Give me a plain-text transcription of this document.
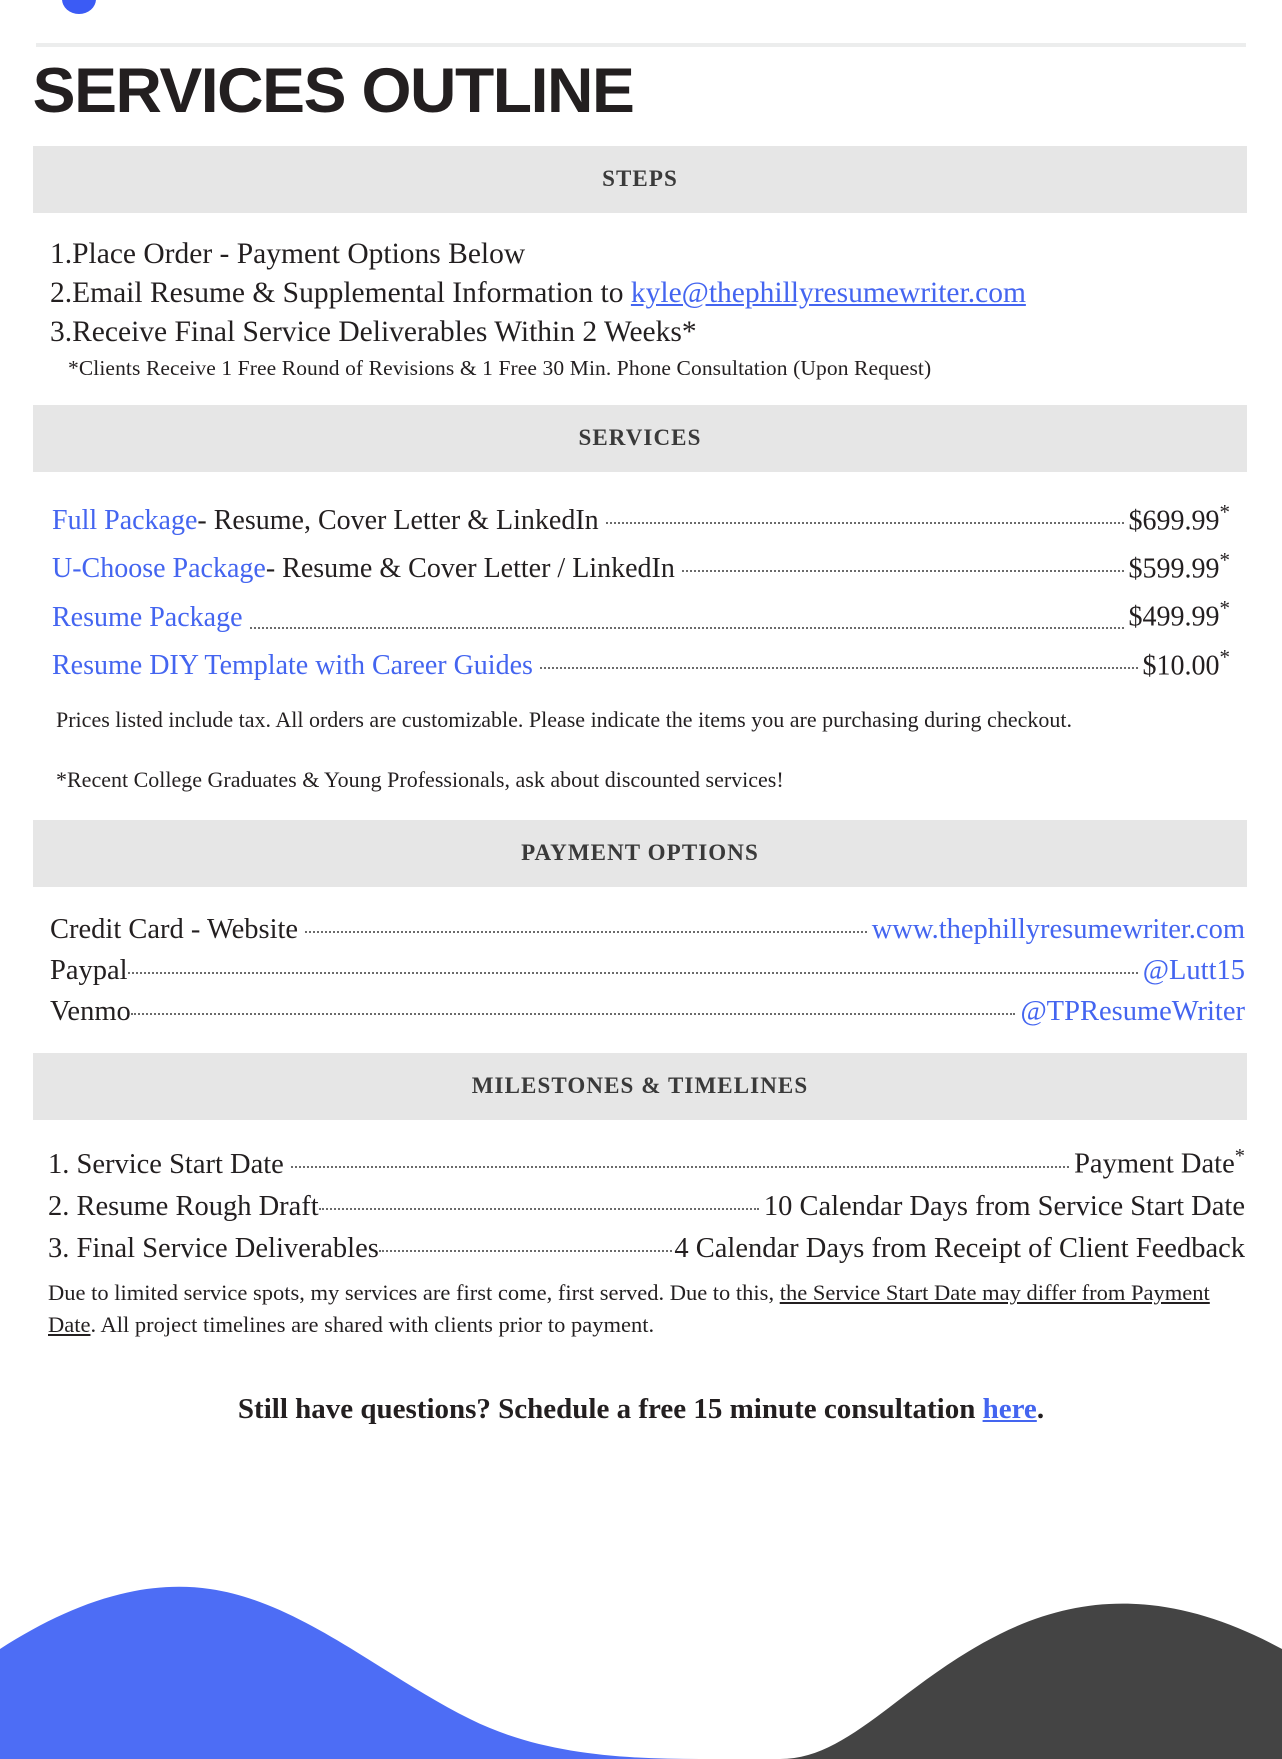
SERVICES OUTLINE
STEPS
1.Place Order - Payment Options Below
2.Email Resume & Supplemental Information to kyle@thephillyresumewriter.com
3.Receive Final Service Deliverables Within 2 Weeks*
*Clients Receive 1 Free Round of Revisions & 1 Free 30 Min. Phone Consultation (Upon Request)
SERVICES
Full Package - Resume, Cover Letter & LinkedIn	$699.99*
U-Choose Package - Resume & Cover Letter / LinkedIn	$599.99*
Resume Package	$499.99*
Resume DIY Template with Career Guides	$10.00*
Prices listed include tax. All orders are customizable. Please indicate the items you are purchasing during checkout.
*Recent College Graduates & Young Professionals, ask about discounted services!
PAYMENT OPTIONS
Credit Card - Website	www.thephillyresumewriter.com
Paypal	@Lutt15
Venmo	@TPResumeWriter
MILESTONES & TIMELINES
1. Service Start Date	Payment Date*
2. Resume Rough Draft	10 Calendar Days from Service Start Date
3. Final Service Deliverables	4 Calendar Days from Receipt of Client Feedback
Due to limited service spots, my services are first come, first served. Due to this, the Service Start Date may differ from Payment Date. All project timelines are shared with clients prior to payment.
Still have questions? Schedule a free 15 minute consultation here.
